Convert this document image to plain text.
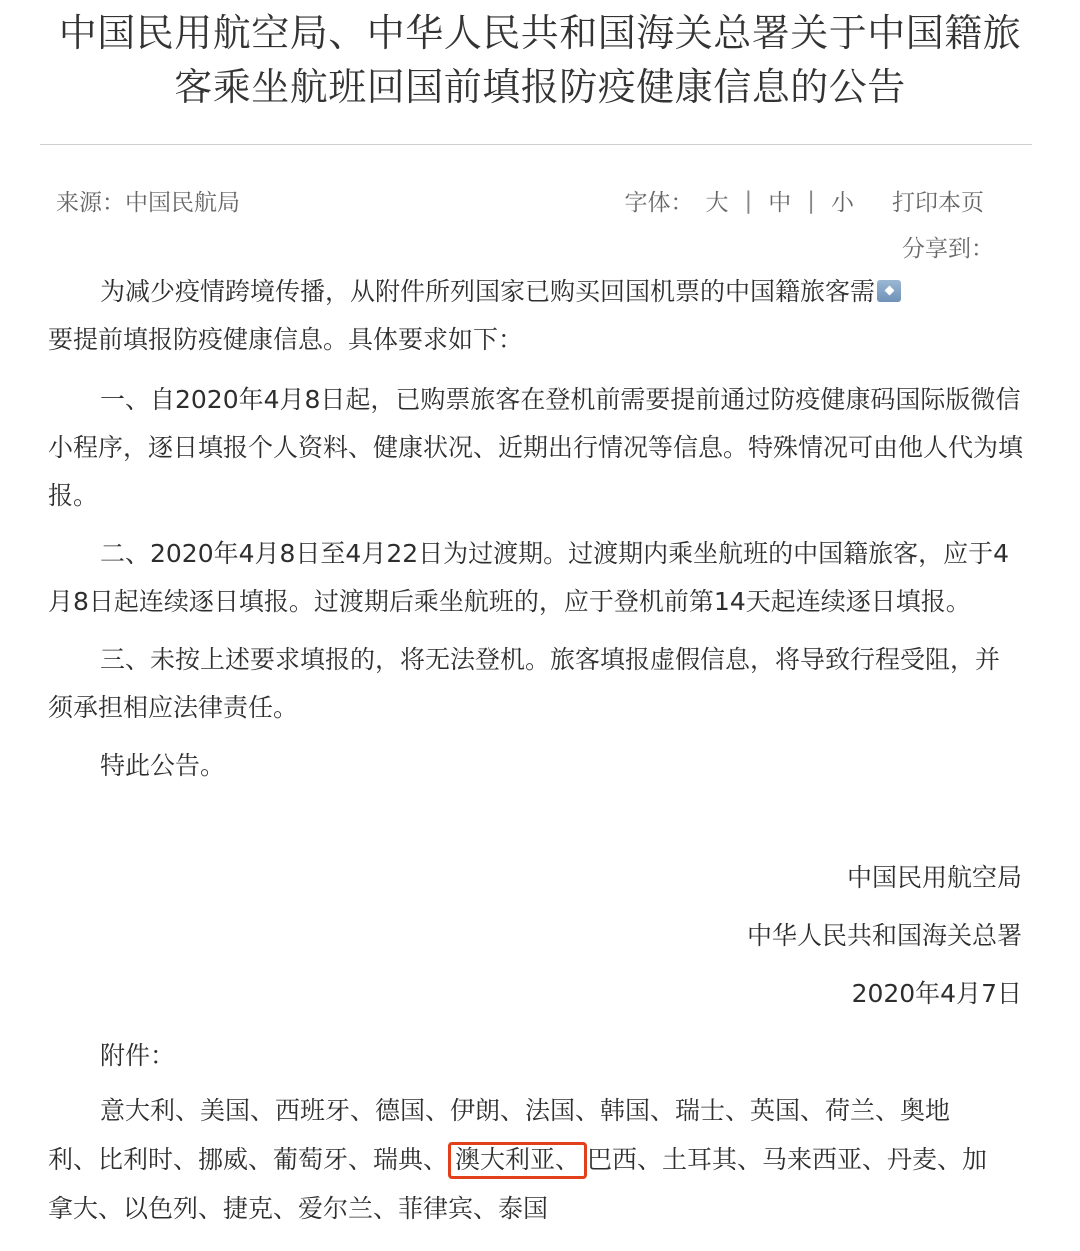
中国民用航空局、中华人民共和国海关总署关于中国籍旅
客乘坐航班回国前填报防疫健康信息的公告
来源：中国民航局	字体： 大 | 中 | 小 打印本页
分享到：

为减少疫情跨境传播，从附件所列国家已购买回国机票的中国籍旅客需

要提前填报防疫健康信息。具体要求如下：

一、自2020年4月8日起，已购票旅客在登机前需要提前通过防疫健康码国际版微信小程序，逐日填报个人资料、健康状况、近期出行情况等信息。特殊情况可由他人代为填报。

二、2020年4月8日至4月22日为过渡期。过渡期内乘坐航班的中国籍旅客，应于4月8日起连续逐日填报。过渡期后乘坐航班的，应于登机前第14天起连续逐日填报。

三、未按上述要求填报的，将无法登机。旅客填报虚假信息，将导致行程受阻，并须承担相应法律责任。

特此公告。

中国民用航空局
中华人民共和国海关总署
2020年4月7日
附件：
意大利、美国、西班牙、德国、伊朗、法国、韩国、瑞士、英国、荷兰、奥地
利、比利时、挪威、葡萄牙、瑞典、 澳大利亚、 巴西、土耳其、马来西亚、丹麦、加
拿大、以色列、捷克、爱尔兰、菲律宾、泰国
